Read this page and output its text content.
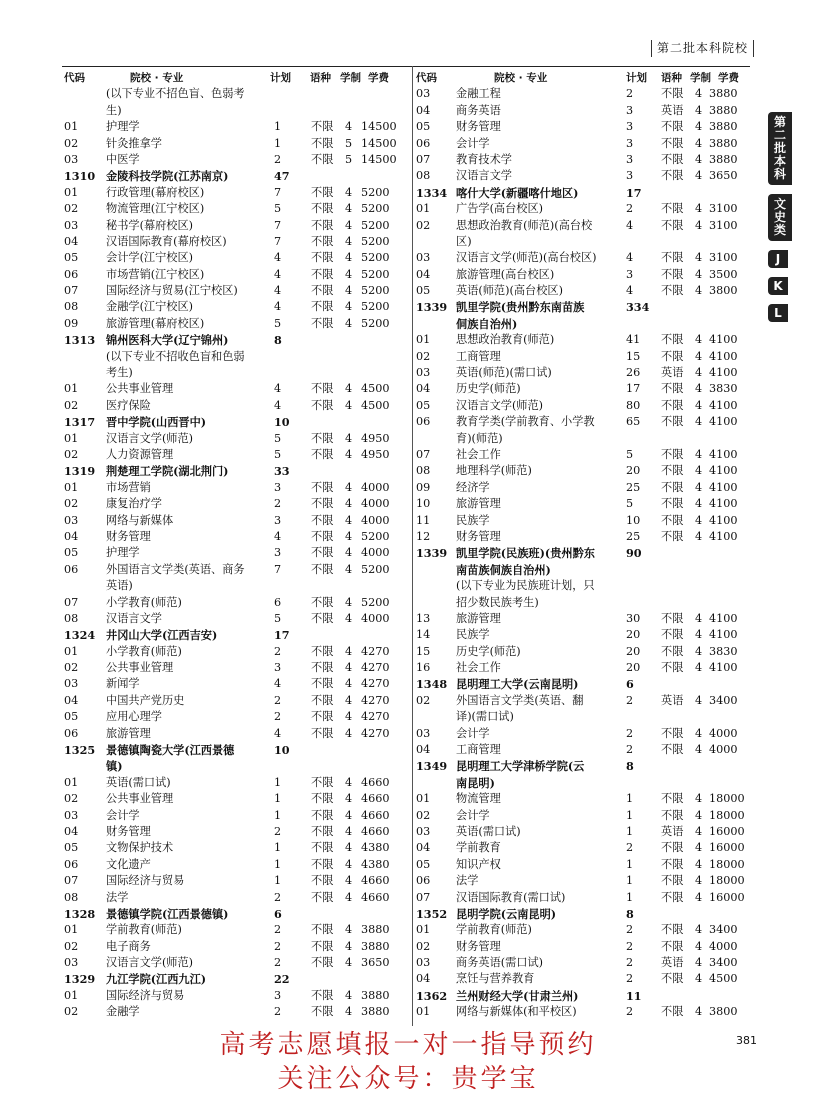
第二批本科院校
代码	院校 · 专业	计划 语种 学制 学费
(以下专业不招色盲、色弱考
生)
01 护理学	1	不限 4 14500
02 针灸推拿学	1	不限 5 14500
03 中医学	2	不限 5 14500
1310 金陵科技学院(江苏南京)	47
01 行政管理(幕府校区)	7	不限 4 5200
02 物流管理(江宁校区)	5	不限 4 5200
03 秘书学(幕府校区)	7	不限 4 5200
04 汉语国际教育(幕府校区)	7	不限 4 5200
05 会计学(江宁校区)	4	不限 4 5200
06 市场营销(江宁校区)	4	不限 4 5200
07 国际经济与贸易(江宁校区)	4	不限 4 5200
08 金融学(江宁校区)	4	不限 4 5200
09 旅游管理(幕府校区)	5	不限 4 5200
1313 锦州医科大学(辽宁锦州)	8
(以下专业不招收色盲和色弱
考生)
01 公共事业管理	4	不限 4 4500
02 医疗保险	4	不限 4 4500
1317 晋中学院(山西晋中)	10
01 汉语言文学(师范)	5	不限 4 4950
02 人力资源管理	5	不限 4 4950
1319 荆楚理工学院(湖北荆门)	33
01 市场营销	3	不限 4 4000
02 康复治疗学	2	不限 4 4000
03 网络与新媒体	3	不限 4 4000
04 财务管理	4	不限 4 5200
05 护理学	3	不限 4 4000
06 外国语言文学类(英语、商务	7	不限 4 5200
英语)
07 小学教育(师范)	6	不限 4 5200
08 汉语言文学	5	不限 4 4000
1324 井冈山大学(江西吉安)	17
01 小学教育(师范)	2	不限 4 4270
02 公共事业管理	3	不限 4 4270
03 新闻学	4	不限 4 4270
04 中国共产党历史	2	不限 4 4270
05 应用心理学	2	不限 4 4270
06 旅游管理	4	不限 4 4270
1325 景德镇陶瓷大学(江西景德	10
镇)
01 英语(需口试)	1	不限 4 4660
02 公共事业管理	1	不限 4 4660
03 会计学	1	不限 4 4660
04 财务管理	2	不限 4 4660
05 文物保护技术	1	不限 4 4380
06 文化遗产	1	不限 4 4380
07 国际经济与贸易	1	不限 4 4660
08 法学	2	不限 4 4660
1328 景德镇学院(江西景德镇)	6
01 学前教育(师范)	2	不限 4 3880
02 电子商务	2	不限 4 3880
03 汉语言文学(师范)	2	不限 4 3650
1329 九江学院(江西九江)	22
01 国际经济与贸易	3	不限 4 3880
02 金融学	2	不限 4 3880
代码	院校 · 专业	计划 语种 学制 学费
03 金融工程	2 不限 4 3880
04 商务英语	3 英语 4 3880
05 财务管理	3 不限 4 3880
06 会计学	3 不限 4 3880
07 教育技术学	3 不限 4 3880
08 汉语言文学	3 不限 4 3650
1334 喀什大学(新疆喀什地区)	17
01 广告学(高台校区)	2 不限 4 3100
02 思想政治教育(师范)(高台校	4 不限 4 3100
区)
03 汉语言文学(师范)(高台校区)	4 不限 4 3100
04 旅游管理(高台校区)	3 不限 4 3500
05 英语(师范)(高台校区)	4 不限 4 3800
1339 凯里学院(贵州黔东南苗族	334
侗族自治州)
01 思想政治教育(师范)	41 不限 4 4100
02 工商管理	15 不限 4 4100
03 英语(师范)(需口试)	26 英语 4 4100
04 历史学(师范)	17 不限 4 3830
05 汉语言文学(师范)	80 不限 4 4100
06 教育学类(学前教育、小学教	65 不限 4 4100
育)(师范)
07 社会工作	5 不限 4 4100
08 地理科学(师范)	20 不限 4 4100
09 经济学	25 不限 4 4100
10 旅游管理	5 不限 4 4100
11 民族学	10 不限 4 4100
12 财务管理	25 不限 4 4100
1339 凯里学院(民族班)(贵州黔东	90
南苗族侗族自治州)
(以下专业为民族班计划，只
招少数民族考生)
13 旅游管理	30 不限 4 4100
14 民族学	20 不限 4 4100
15 历史学(师范)	20 不限 4 3830
16 社会工作	20 不限 4 4100
1348 昆明理工大学(云南昆明)	6
02 外国语言文学类(英语、翻	2 英语 4 3400
译)(需口试)
03 会计学	2 不限 4 4000
04 工商管理	2 不限 4 4000
1349 昆明理工大学津桥学院(云	8
南昆明)
01 物流管理	1 不限 4 18000
02 会计学	1 不限 4 18000
03 英语(需口试)	1 英语 4 16000
04 学前教育	2 不限 4 16000
05 知识产权	1 不限 4 18000
06 法学	1 不限 4 18000
07 汉语国际教育(需口试)	1 不限 4 16000
1352 昆明学院(云南昆明)	8
01 学前教育(师范)	2 不限 4 3400
02 财务管理	2 不限 4 4000
03 商务英语(需口试)	2 英语 4 3400
04 烹饪与营养教育	2 不限 4 4500
1362 兰州财经大学(甘肃兰州)	11
01 网络与新媒体(和平校区)	2 不限 4 3800
第二批本科
文史类
J
K
L
381
高考志愿填报一对一指导预约
关注公众号：贵学宝
